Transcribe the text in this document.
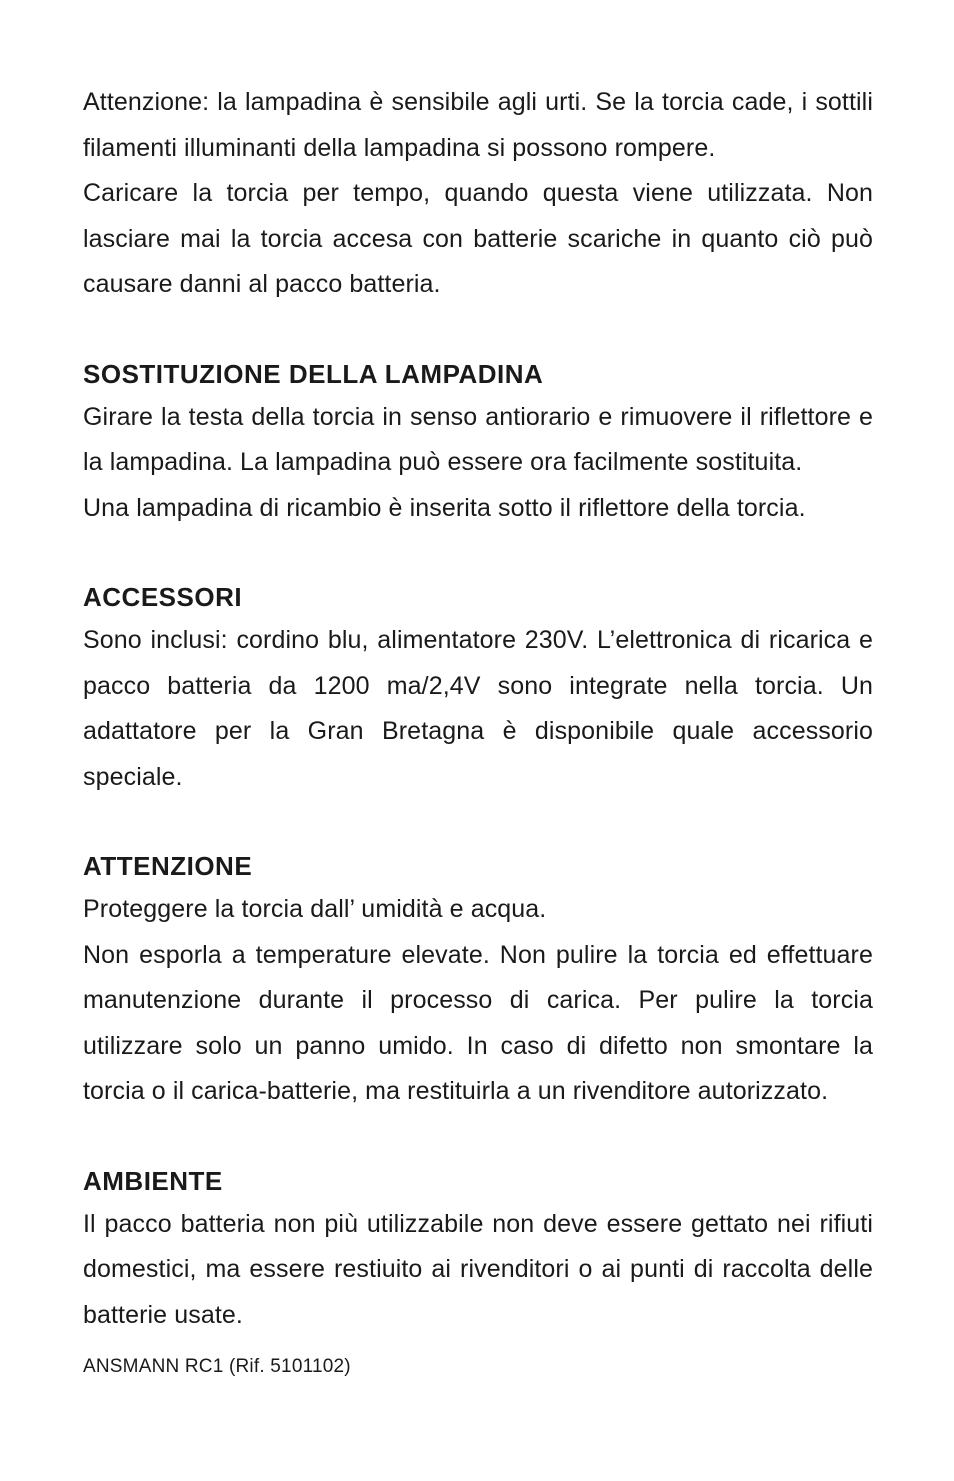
Attenzione: la lampadina è sensibile agli urti. Se la torcia cade, i sottili filamenti illuminanti della lampadina si possono rompere.

Caricare la torcia per tempo, quando questa viene utilizzata. Non lasciare mai la torcia accesa con batterie scariche in quanto ciò può causare danni al pacco batteria.

SOSTITUZIONE DELLA LAMPADINA

Girare la testa della torcia in senso antiorario e rimuovere il riflettore e la lampadina. La lampadina può essere ora facilmente sostituita.

Una lampadina di ricambio è inserita sotto il riflettore della torcia.

ACCESSORI

Sono inclusi: cordino blu, alimentatore 230V. L’elettronica di ricarica e pacco batteria da 1200 ma/2,4V sono integrate nella torcia. Un adattatore per la Gran Bretagna è disponibile quale accessorio speciale.

ATTENZIONE

Proteggere la torcia dall’ umidità e acqua.

Non esporla a temperature elevate. Non pulire la torcia ed effettuare manutenzione durante il processo di carica. Per pulire la torcia utilizzare solo un panno umido. In caso di difetto non smontare la torcia o il carica-batterie, ma restituirla a un rivenditore autorizzato.

AMBIENTE

Il pacco batteria non più utilizzabile non deve essere gettato nei rifiuti domestici, ma essere restiuito ai rivenditori o ai punti di raccolta delle batterie usate.

ANSMANN RC1 (Rif. 5101102)
